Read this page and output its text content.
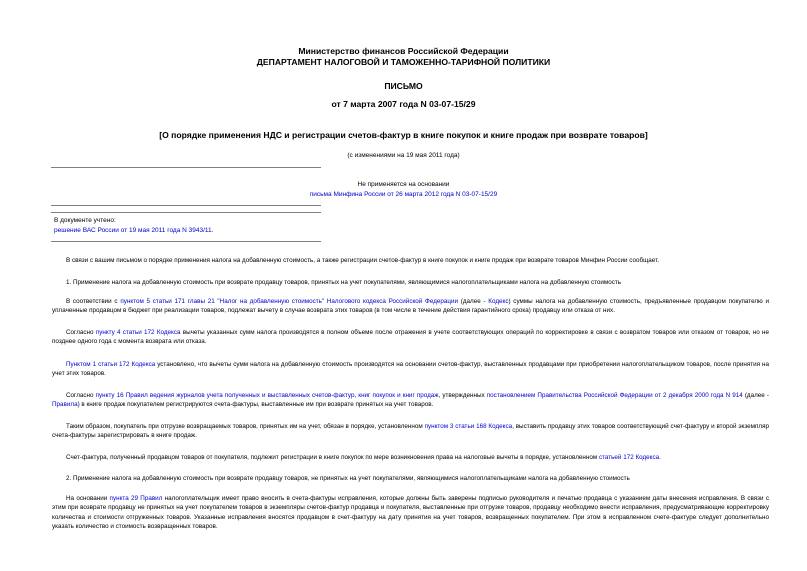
Министерство финансов Российской Федерации
ДЕПАРТАМЕНТ НАЛОГОВОЙ И ТАМОЖЕННО-ТАРИФНОЙ ПОЛИТИКИ
ПИСЬМО
от 7 марта 2007 года N 03-07-15/29
[О порядке применения НДС и регистрации счетов-фактур в книге покупок и книге продаж при возврате товаров]
(с изменениями на 19 мая 2011 года)
Не применяется на основании
письма Минфина России от 26 марта 2012 года N 03-07-15/29
В документе учтено:
решение ВАС России от 19 мая 2011 года N 3943/11.

В связи с вашим письмом о порядке применения налога на добавленную стоимость, а также регистрации счетов-фактур в книге покупок и книге продаж при возврате товаров Минфин России сообщает.

1. Применение налога на добавленную стоимость при возврате продавцу товаров, принятых на учет покупателями, являющимися налогоплательщиками налога на добавленную стоимость

В соответствии с пунктом 5 статьи 171 главы 21 "Налог на добавленную стоимость" Налогового кодекса Российской Федерации (далее - Кодекс) суммы налога на добавленную стоимость, предъявленные продавцом покупателю и уплаченные продавцом в бюджет при реализации товаров, подлежат вычету в случае возврата этих товаров (в том числе в течение действия гарантийного срока) продавцу или отказа от них.

Согласно пункту 4 статьи 172 Кодекса вычеты указанных сумм налога производятся в полном объеме после отражения в учете соответствующих операций по корректировке в связи с возвратом товаров или отказом от товаров, но не позднее одного года с момента возврата или отказа.

Пунктом 1 статьи 172 Кодекса установлено, что вычеты сумм налога на добавленную стоимость производятся на основании счетов-фактур, выставленных продавцами при приобретении налогоплательщиком товаров, после принятия на учет этих товаров.

Согласно пункту 16 Правил ведения журналов учета полученных и выставленных счетов-фактур, книг покупок и книг продаж, утвержденных постановлением Правительства Российской Федерации от 2 декабря 2000 года N 914 (далее - Правила) в книге продаж покупателем регистрируются счета-фактуры, выставленные им при возврате принятых на учет товаров.

Таким образом, покупатель при отгрузке возвращаемых товаров, принятых им на учет, обязан в порядке, установленном пунктом 3 статьи 168 Кодекса, выставить продавцу этих товаров соответствующий счет-фактуру и второй экземпляр счета-фактуры зарегистрировать в книге продаж.

Счет-фактура, полученный продавцом товаров от покупателя, подлежит регистрации в книге покупок по мере возникновения права на налоговые вычеты в порядке, установленном статьей 172 Кодекса.

2. Применение налога на добавленную стоимость при возврате продавцу товаров, не принятых на учет покупателями, являющимися налогоплательщиками налога на добавленную стоимость

На основании пункта 29 Правил налогоплательщик имеет право вносить в счета-фактуры исправления, которые должны быть заверены подписью руководителя и печатью продавца с указанием даты внесения исправления. В связи с этим при возврате продавцу не принятых на учет покупателем товаров в экземпляры счетов-фактур продавца и покупателя, выставленные при отгрузке товаров, продавцу необходимо внести исправления, предусматривающие корректировку количества и стоимости отгруженных товаров. Указанные исправления вносятся продавцом в счет-фактуру на дату принятия на учет товаров, возвращенных покупателем. При этом в исправленном счете-фактуре следует дополнительно указать количество и стоимость возвращенных товаров.
